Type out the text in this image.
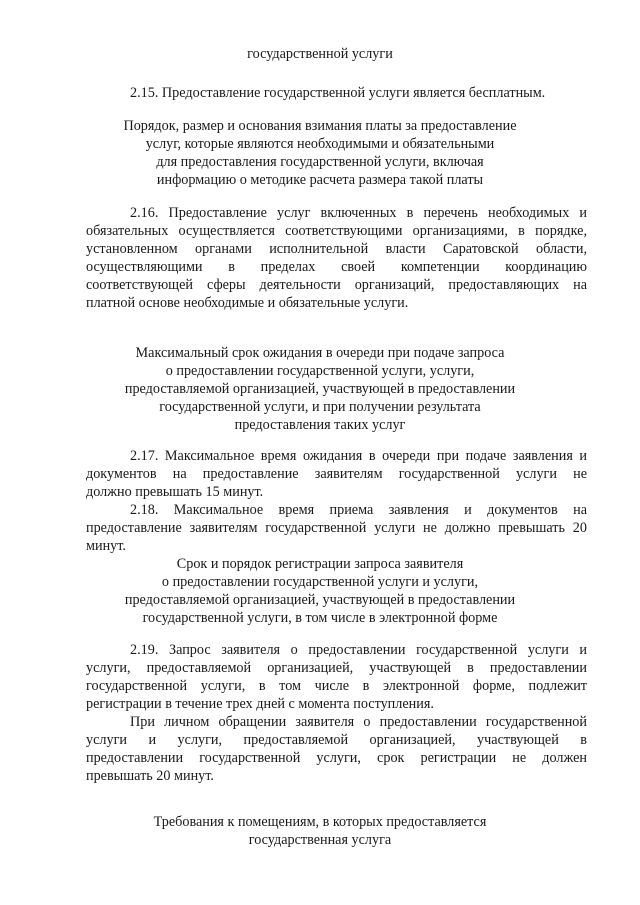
государственной услуги
2.15. Предоставление государственной услуги является бесплатным.
Порядок, размер и основания взимания платы за предоставление
услуг, которые являются необходимыми и обязательными
для предоставления государственной услуги, включая
информацию о методике расчета размера такой платы
2.16. Предоставление услуг включенных в перечень необходимых и
обязательных осуществляется соответствующими организациями, в порядке,
установленном органами исполнительной власти Саратовской области,
осуществляющими в пределах своей компетенции координацию
соответствующей сферы деятельности организаций, предоставляющих на
платной основе необходимые и обязательные услуги.
Максимальный срок ожидания в очереди при подаче запроса
о предоставлении государственной услуги, услуги,
предоставляемой организацией, участвующей в предоставлении
государственной услуги, и при получении результата
предоставления таких услуг
2.17. Максимальное время ожидания в очереди при подаче заявления и
документов на предоставление заявителям государственной услуги не
должно превышать 15 минут.
2.18. Максимальное время приема заявления и документов на
предоставление заявителям государственной услуги не должно превышать 20
минут.
Срок и порядок регистрации запроса заявителя
о предоставлении государственной услуги и услуги,
предоставляемой организацией, участвующей в предоставлении
государственной услуги, в том числе в электронной форме
2.19. Запрос заявителя о предоставлении государственной услуги и
услуги, предоставляемой организацией, участвующей в предоставлении
государственной услуги, в том числе в электронной форме, подлежит
регистрации в течение трех дней с момента поступления.
При личном обращении заявителя о предоставлении государственной
услуги и услуги, предоставляемой организацией, участвующей в
предоставлении государственной услуги, срок регистрации не должен
превышать 20 минут.
Требования к помещениям, в которых предоставляется
государственная услуга
